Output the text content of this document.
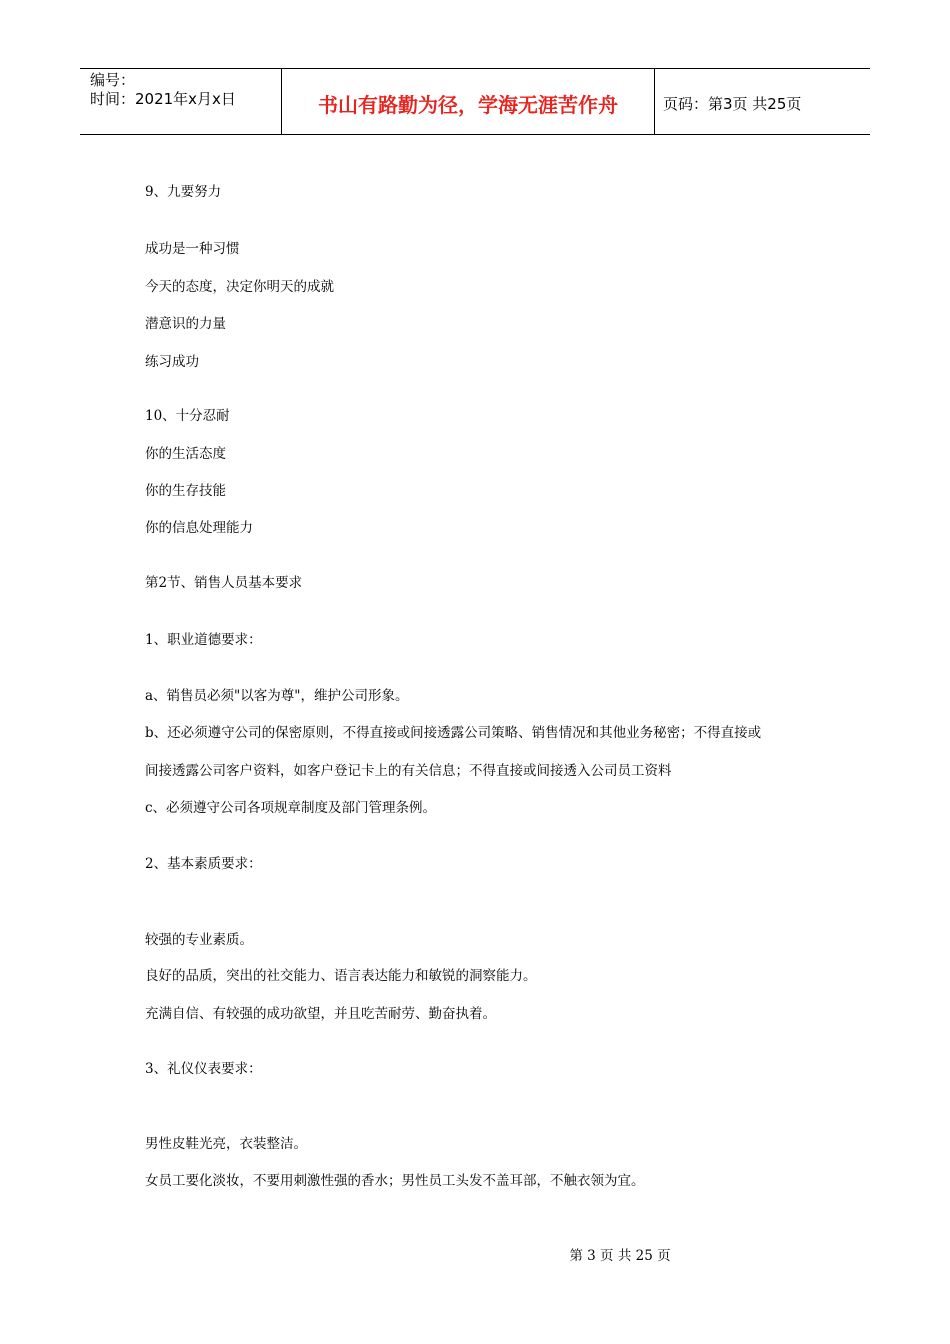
编号：
时间：2021年x月x日	书山有路勤为径，学海无涯苦作舟	页码：第3页 共25页
9、九要努力
成功是一种习惯
今天的态度，决定你明天的成就
潜意识的力量
练习成功
10、十分忍耐
你的生活态度
你的生存技能
你的信息处理能力
第2节、销售人员基本要求
1、职业道德要求：
a、销售员必须"以客为尊"，维护公司形象。
b、还必须遵守公司的保密原则，不得直接或间接透露公司策略、销售情况和其他业务秘密；不得直接或
间接透露公司客户资料，如客户登记卡上的有关信息；不得直接或间接透入公司员工资料
c、必须遵守公司各项规章制度及部门管理条例。
2、基本素质要求：
较强的专业素质。
良好的品质，突出的社交能力、语言表达能力和敏锐的洞察能力。
充满自信、有较强的成功欲望，并且吃苦耐劳、勤奋执着。
3、礼仪仪表要求：
男性皮鞋光亮，衣装整洁。
女员工要化淡妆，不要用刺激性强的香水；男性员工头发不盖耳部，不触衣领为宜。
第 3 页 共 25 页
